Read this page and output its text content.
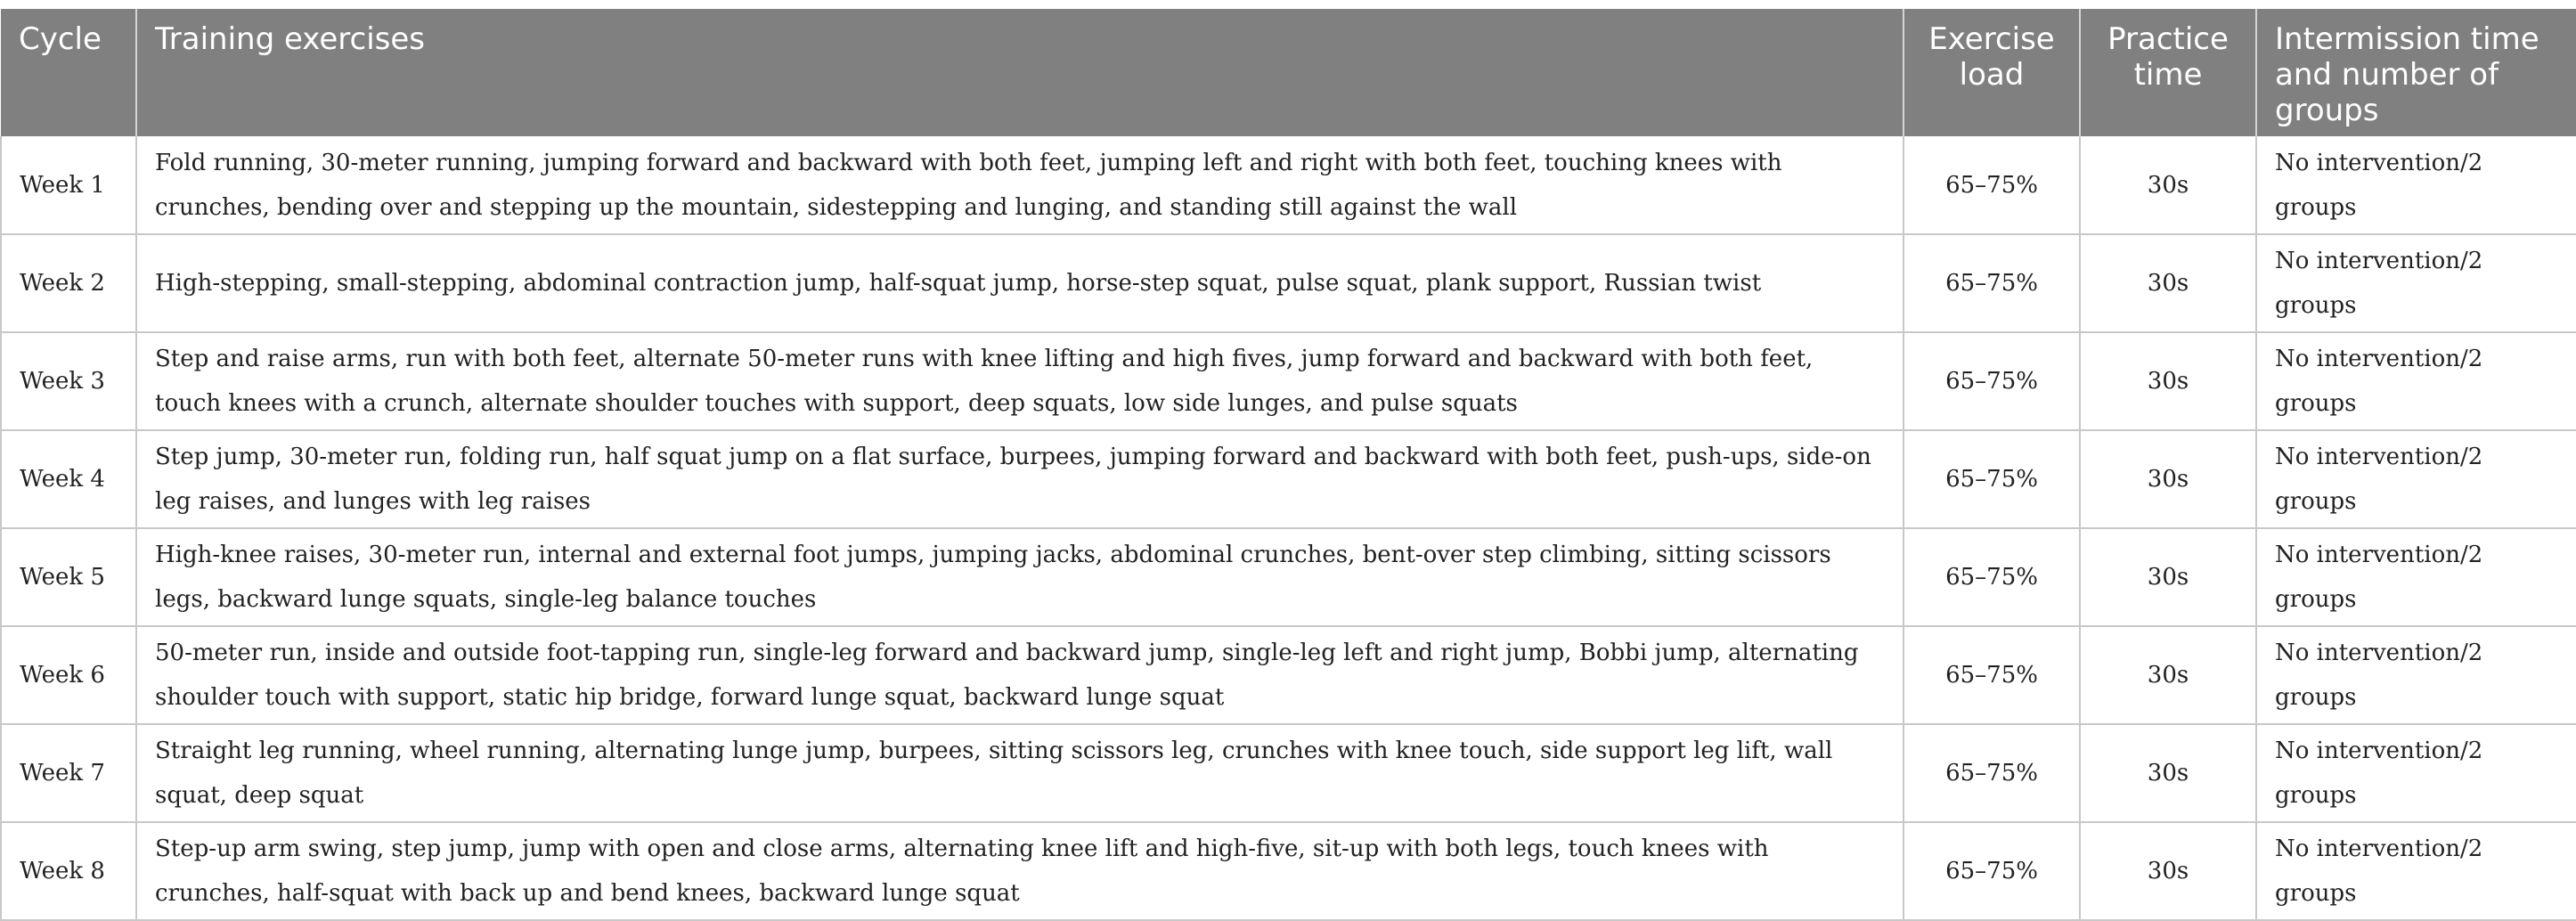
Cycle	Training exercises	Exercise load	Practice time	Intermission time and number of groups
Week 1	Fold running, 30-meter running, jumping forward and backward with both feet, jumping left and right with both feet, touching knees with crunches, bending over and stepping up the mountain, sidestepping and lunging, and standing still against the wall	65–75%	30s	No intervention/2 groups
Week 2	High-stepping, small-stepping, abdominal contraction jump, half-squat jump, horse-step squat, pulse squat, plank support, Russian twist	65–75%	30s	No intervention/2 groups
Week 3	Step and raise arms, run with both feet, alternate 50-meter runs with knee lifting and high fives, jump forward and backward with both feet, touch knees with a crunch, alternate shoulder touches with support, deep squats, low side lunges, and pulse squats	65–75%	30s	No intervention/2 groups
Week 4	Step jump, 30-meter run, folding run, half squat jump on a flat surface, burpees, jumping forward and backward with both feet, push-ups, side-on leg raises, and lunges with leg raises	65–75%	30s	No intervention/2 groups
Week 5	High-knee raises, 30-meter run, internal and external foot jumps, jumping jacks, abdominal crunches, bent-over step climbing, sitting scissors legs, backward lunge squats, single-leg balance touches	65–75%	30s	No intervention/2 groups
Week 6	50-meter run, inside and outside foot-tapping run, single-leg forward and backward jump, single-leg left and right jump, Bobbi jump, alternating shoulder touch with support, static hip bridge, forward lunge squat, backward lunge squat	65–75%	30s	No intervention/2 groups
Week 7	Straight leg running, wheel running, alternating lunge jump, burpees, sitting scissors leg, crunches with knee touch, side support leg lift, wall squat, deep squat	65–75%	30s	No intervention/2 groups
Week 8	Step-up arm swing, step jump, jump with open and close arms, alternating knee lift and high-five, sit-up with both legs, touch knees with crunches, half-squat with back up and bend knees, backward lunge squat	65–75%	30s	No intervention/2 groups
